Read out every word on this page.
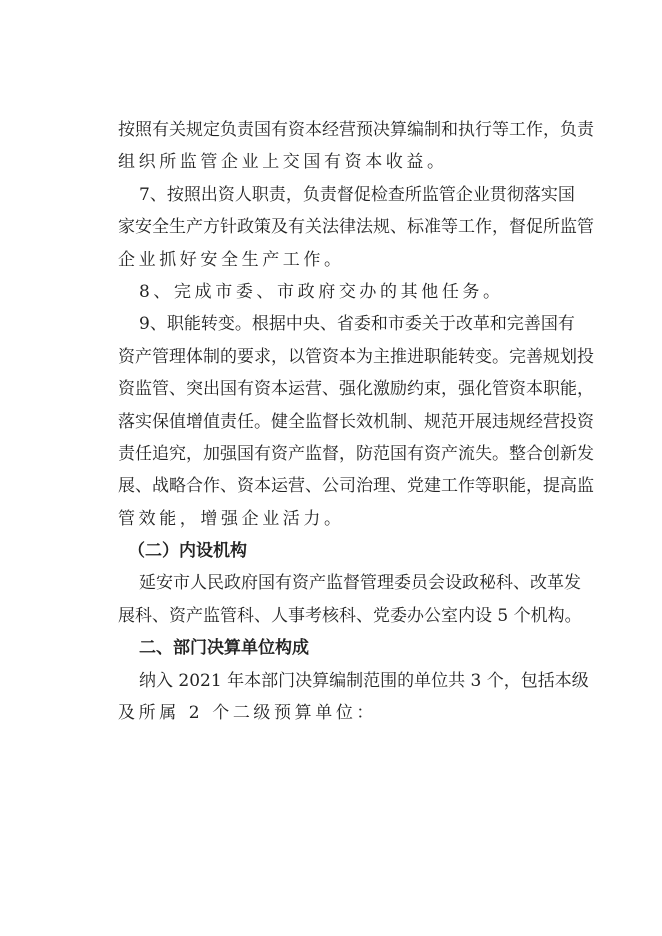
按照有关规定负责国有资本经营预决算编制和执行等工作，负责
组织所监管企业上交国有资本收益。
7、按照出资人职责，负责督促检查所监管企业贯彻落实国
家安全生产方针政策及有关法律法规、标准等工作，督促所监管
企业抓好安全生产工作。
8、完成市委、市政府交办的其他任务。
9、职能转变。根据中央、省委和市委关于改革和完善国有
资产管理体制的要求，以管资本为主推进职能转变。完善规划投
资监管、突出国有资本运营、强化激励约束，强化管资本职能，
落实保值增值责任。健全监督长效机制、规范开展违规经营投资
责任追究，加强国有资产监督，防范国有资产流失。整合创新发
展、战略合作、资本运营、公司治理、党建工作等职能，提高监
管效能，增强企业活力。
（二）内设机构
延安市人民政府国有资产监督管理委员会设政秘科、改革发
展科、资产监管科、人事考核科、党委办公室内设 5 个机构。
二、部门决算单位构成
纳入 2021 年本部门决算编制范围的单位共 3 个，包括本级
及所属 2 个二级预算单位：
